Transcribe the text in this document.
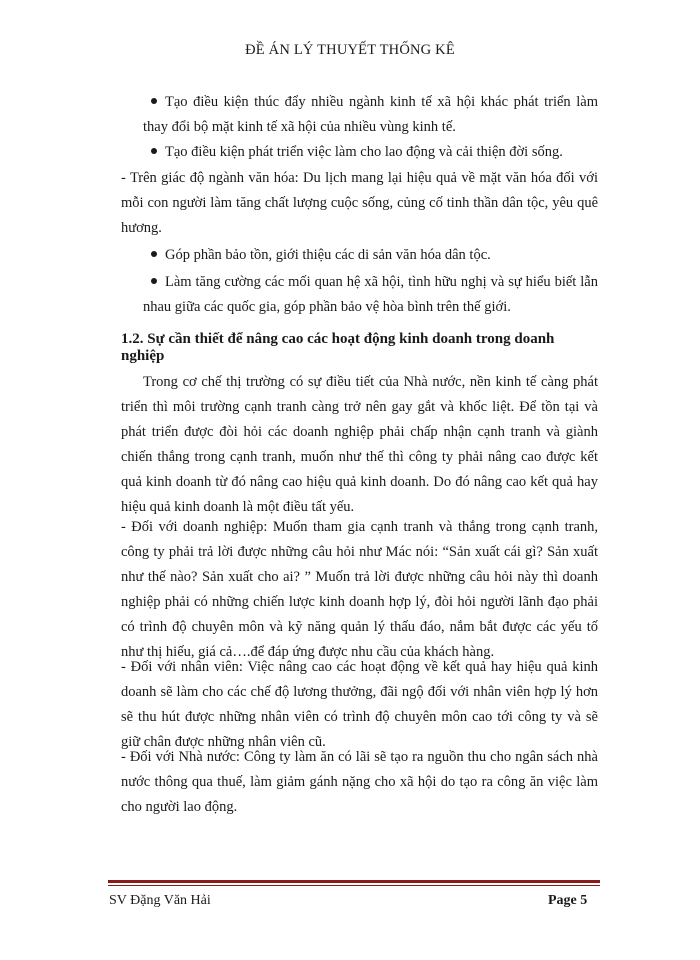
ĐỀ ÁN LÝ THUYẾT THỐNG KÊ
Tạo điều kiện thúc đẩy nhiều ngành kinh tế xã hội khác phát triển làm thay đổi bộ mặt kinh tế xã hội của nhiều vùng kinh tế.
Tạo điều kiện phát triển việc làm cho lao động và cải thiện đời sống.
- Trên giác độ ngành văn hóa: Du lịch mang lại hiệu quả về mặt văn hóa đối với mỗi con người làm tăng chất lượng cuộc sống, củng cố tinh thần dân tộc, yêu quê hương.
Góp phần bảo tồn, giới thiệu các di sản văn hóa dân tộc.
Làm tăng cường các mối quan hệ xã hội, tình hữu nghị và sự hiểu biết lẫn nhau giữa các quốc gia, góp phần bảo vệ hòa bình trên thế giới.
1.2. Sự cần thiết để nâng cao các hoạt động kinh doanh trong doanh nghiệp
Trong cơ chế thị trường có sự điều tiết của Nhà nước, nền kinh tế càng phát triển thì môi trường cạnh tranh càng trở nên gay gắt và khốc liệt. Để tồn tại và phát triển được đòi hỏi các doanh nghiệp phải chấp nhận cạnh tranh và giành chiến thắng trong cạnh tranh, muốn như thế thì công ty phải nâng cao được kết quả kinh doanh từ đó nâng cao hiệu quả kinh doanh. Do đó nâng cao kết quả hay hiệu quả kinh doanh là một điều tất yếu.
- Đối với doanh nghiệp: Muốn tham gia cạnh tranh và thắng trong cạnh tranh, công ty phải trả lời được những câu hỏi như Mác nói: “Sản xuất cái gì? Sản xuất như thế nào? Sản xuất cho ai? ” Muốn trả lời được những câu hỏi này thì doanh nghiệp phải có những chiến lược kinh doanh hợp lý, đòi hỏi người lãnh đạo phải có trình độ chuyên môn và kỹ năng quản lý thấu đáo, nắm bắt được các yếu tố như thị hiếu, giá cả….để đáp ứng được nhu cầu của khách hàng.
- Đối với nhân viên: Việc nâng cao các hoạt động về kết quả hay hiệu quả kinh doanh sẽ làm cho các chế độ lương thưởng, đãi ngộ đối với nhân viên hợp lý hơn sẽ thu hút được những nhân viên có trình độ chuyên môn cao tới công ty và sẽ giữ chân được những nhân viên cũ.
- Đối với Nhà nước: Công ty làm ăn có lãi sẽ tạo ra nguồn thu cho ngân sách nhà nước thông qua thuế, làm giảm gánh nặng cho xã hội do tạo ra công ăn việc làm cho người lao động.
SV Đặng Văn Hải	Page 5
